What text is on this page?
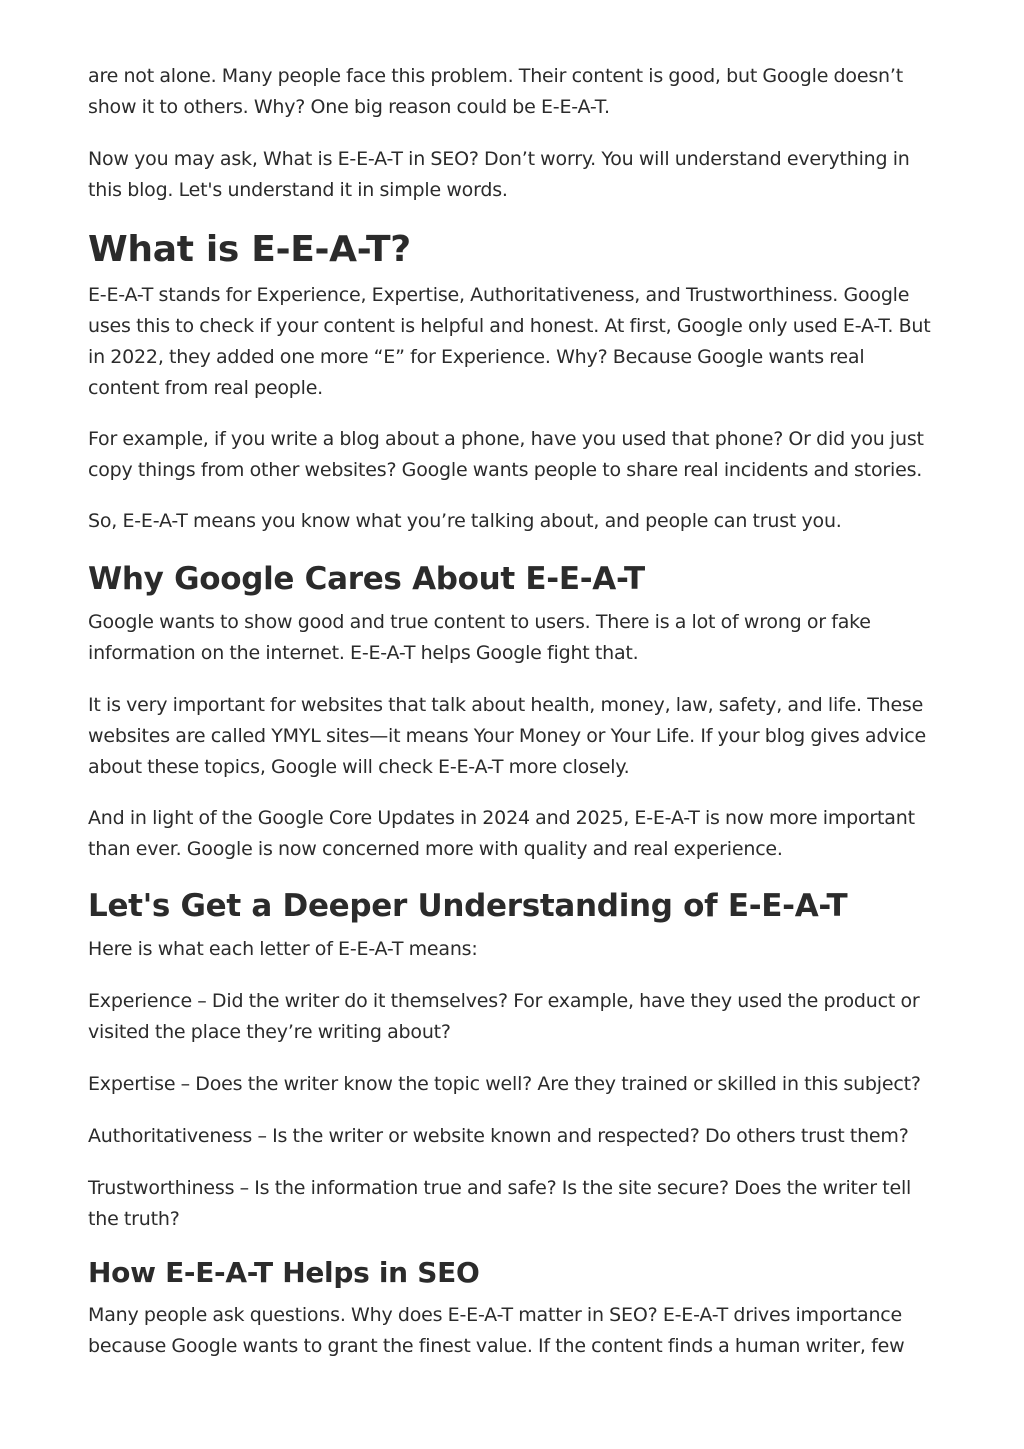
are not alone. Many people face this problem. Their content is good, but Google doesn’t show it to others. Why? One big reason could be E-E-A-T.

Now you may ask, What is E-E-A-T in SEO? Don’t worry. You will understand everything in this blog. Let's understand it in simple words.

What is E-E-A-T?

E-E-A-T stands for Experience, Expertise, Authoritativeness, and Trustworthiness. Google uses this to check if your content is helpful and honest. At first, Google only used E-A-T. But in 2022, they added one more “E” for Experience. Why? Because Google wants real content from real people.

For example, if you write a blog about a phone, have you used that phone? Or did you just copy things from other websites? Google wants people to share real incidents and stories.

So, E-E-A-T means you know what you’re talking about, and people can trust you.

Why Google Cares About E-E-A-T

Google wants to show good and true content to users. There is a lot of wrong or fake information on the internet. E-E-A-T helps Google fight that.

It is very important for websites that talk about health, money, law, safety, and life. These websites are called YMYL sites—it means Your Money or Your Life. If your blog gives advice about these topics, Google will check E-E-A-T more closely.

And in light of the Google Core Updates in 2024 and 2025, E-E-A-T is now more important than ever. Google is now concerned more with quality and real experience.

Let's Get a Deeper Understanding of E-E-A-T

Here is what each letter of E-E-A-T means:

Experience – Did the writer do it themselves? For example, have they used the product or visited the place they’re writing about?

Expertise – Does the writer know the topic well? Are they trained or skilled in this subject?

Authoritativeness – Is the writer or website known and respected? Do others trust them?

Trustworthiness – Is the information true and safe? Is the site secure? Does the writer tell the truth?

How E-E-A-T Helps in SEO

Many people ask questions. Why does E-E-A-T matter in SEO? E-E-A-T drives importance because Google wants to grant the finest value. If the content finds a human writer, few
